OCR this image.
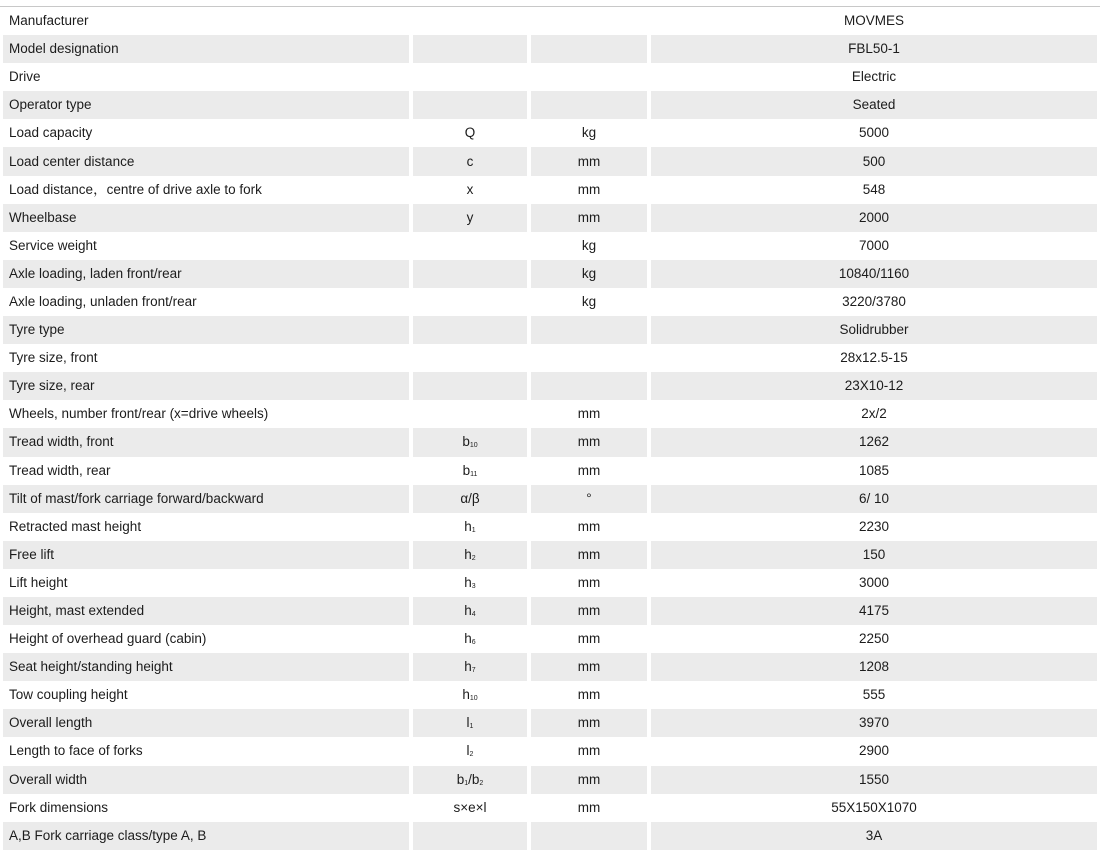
Manufacturer			MOVMES
Model designation			FBL50-1
Drive			Electric
Operator type			Seated
Load capacity	Q	kg	5000
Load center distance	c	mm	500
Load distance，centre of drive axle to fork	x	mm	548
Wheelbase	y	mm	2000
Service weight		kg	7000
Axle loading, laden front/rear		kg	10840/1160
Axle loading, unladen front/rear		kg	3220/3780
Tyre type			Solidrubber
Tyre size, front			28x12.5-15
Tyre size, rear			23X10-12
Wheels, number front/rear (x=drive wheels)		mm	2x/2
Tread width, front	$b_{10}$	mm	1262
Tread width, rear	$b_{11}$	mm	1085
Tilt of mast/fork carriage forward/backward	α/β	°	6/ 10
Retracted mast height	$h_1$	mm	2230
Free lift	$h_2$	mm	150
Lift height	$h_3$	mm	3000
Height, mast extended	$h_4$	mm	4175
Height of overhead guard (cabin)	$h_6$	mm	2250
Seat height/standing height	$h_7$	mm	1208
Tow coupling height	$h_{10}$	mm	555
Overall length	$l_1$	mm	3970
Length to face of forks	$l_2$	mm	2900
Overall width	$b_1/b_2$	mm	1550
Fork dimensions	s×e×l	mm	55X150X1070
A,B Fork carriage class/type A, B			3A
